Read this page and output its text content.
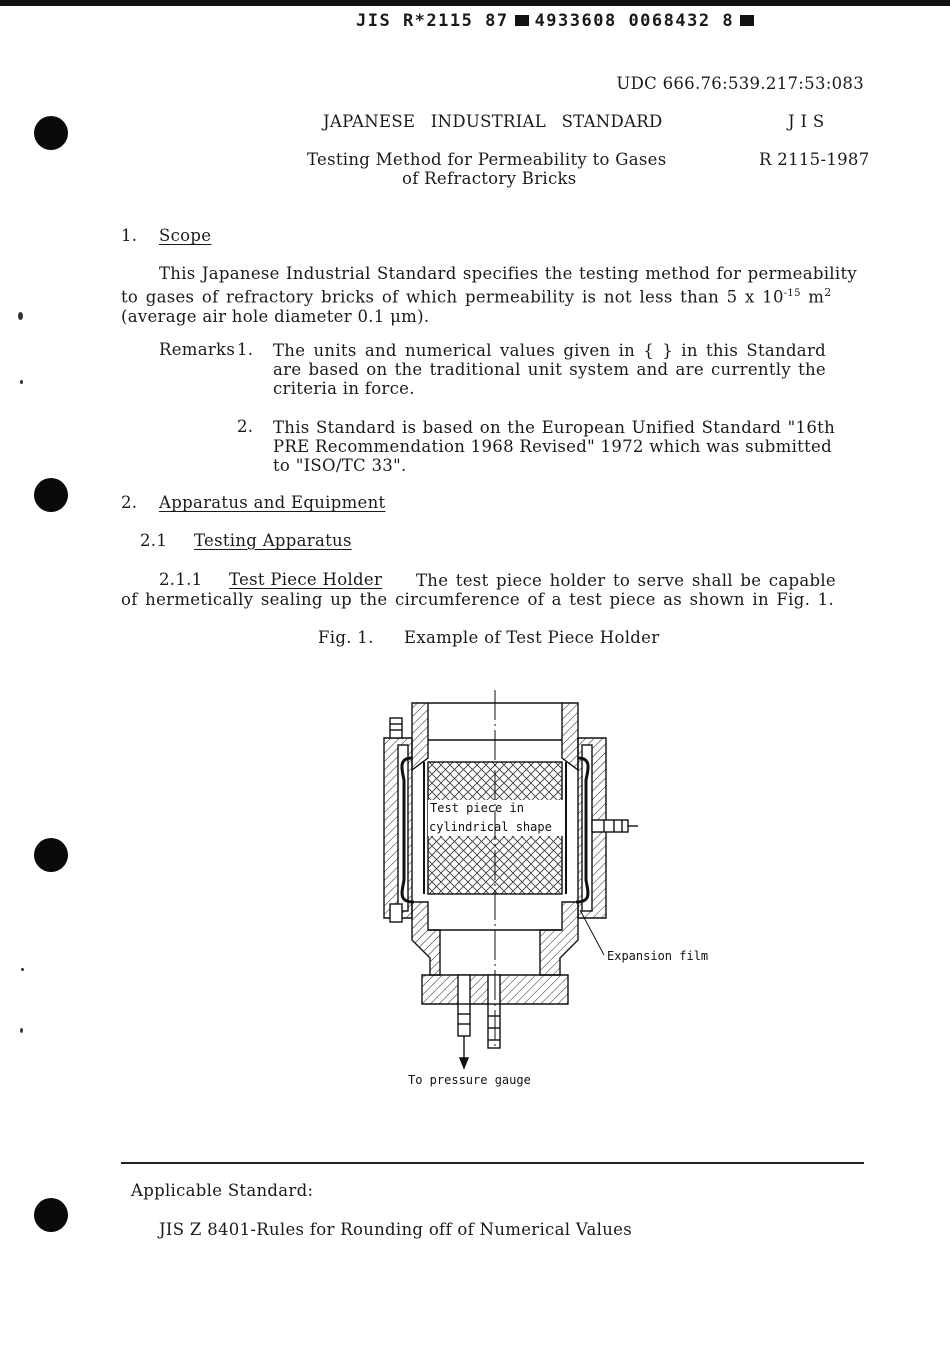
JIS R*2115 87 4933608 0068432 8
UDC 666.76:539.217:53:083
JAPANESE INDUSTRIAL STANDARD	J I S
Testing Method for Permeability to Gases
of Refractory Bricks
R 2115-1987
1. Scope
This Japanese Industrial Standard specifies the testing method for permeability
to gases of refractory bricks of which permeability is not less than 5 x $10^{-15}$ $m^2$
(average air hole diameter 0.1 μm).
Remarks 1. The units and numerical values given in { } in this Standard
are based on the traditional unit system and are currently the
criteria in force.
2. This Standard is based on the European Unified Standard "16th
PRE Recommendation 1968 Revised" 1972 which was submitted
to "ISO/TC 33".
2. Apparatus and Equipment
2.1 Testing Apparatus
2.1.1 Test Piece Holder	The test piece holder to serve shall be capable
of hermetically sealing up the circumference of a test piece as shown in Fig. 1.
Fig. 1. Example of Test Piece Holder
Test piece in
cylindrical shape
Expansion film
To pressure gauge
Applicable Standard:
JIS Z 8401-Rules for Rounding off of Numerical Values
